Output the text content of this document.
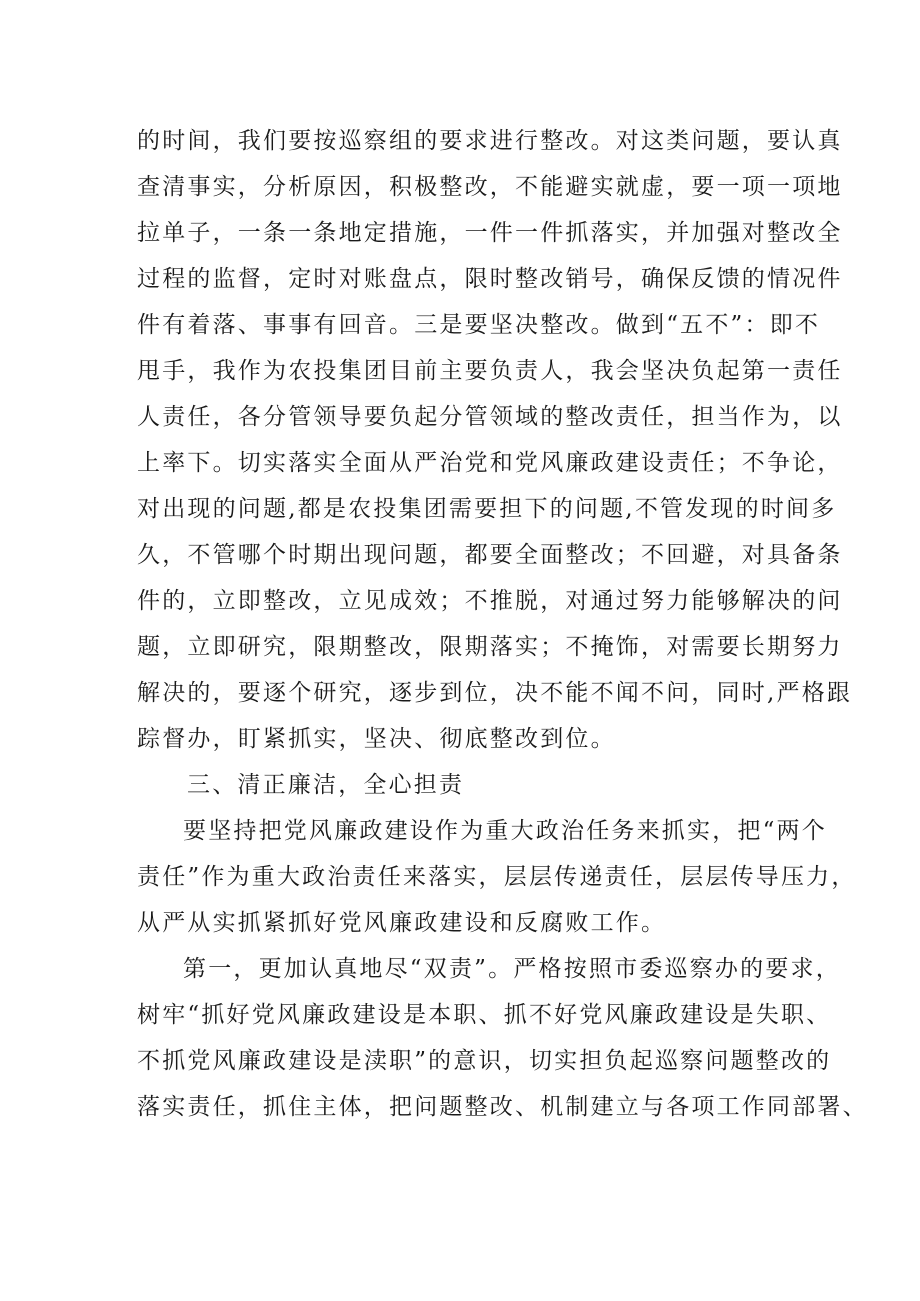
的时间，我们要按巡察组的要求进行整改。对这类问题，要认真
查清事实，分析原因，积极整改，不能避实就虚，要一项一项地
拉单子，一条一条地定措施，一件一件抓落实，并加强对整改全
过程的监督，定时对账盘点，限时整改销号，确保反馈的情况件
件有着落、事事有回音。三是要坚决整改。做到“五不”：即不
甩手，我作为农投集团目前主要负责人，我会坚决负起第一责任
人责任，各分管领导要负起分管领域的整改责任，担当作为，以
上率下。切实落实全面从严治党和党风廉政建设责任；不争论，
对出现的问题,都是农投集团需要担下的问题,不管发现的时间多
久，不管哪个时期出现问题，都要全面整改；不回避，对具备条
件的，立即整改，立见成效；不推脱，对通过努力能够解决的问
题，立即研究，限期整改，限期落实；不掩饰，对需要长期努力
解决的，要逐个研究，逐步到位，决不能不闻不问，同时,严格跟
踪督办，盯紧抓实，坚决、彻底整改到位。
三、清正廉洁，全心担责
要坚持把党风廉政建设作为重大政治任务来抓实，把“两个
责任”作为重大政治责任来落实，层层传递责任，层层传导压力，
从严从实抓紧抓好党风廉政建设和反腐败工作。
第一，更加认真地尽“双责”。严格按照市委巡察办的要求，
树牢“抓好党风廉政建设是本职、抓不好党风廉政建设是失职、
不抓党风廉政建设是渎职”的意识，切实担负起巡察问题整改的
落实责任，抓住主体，把问题整改、机制建立与各项工作同部署、
